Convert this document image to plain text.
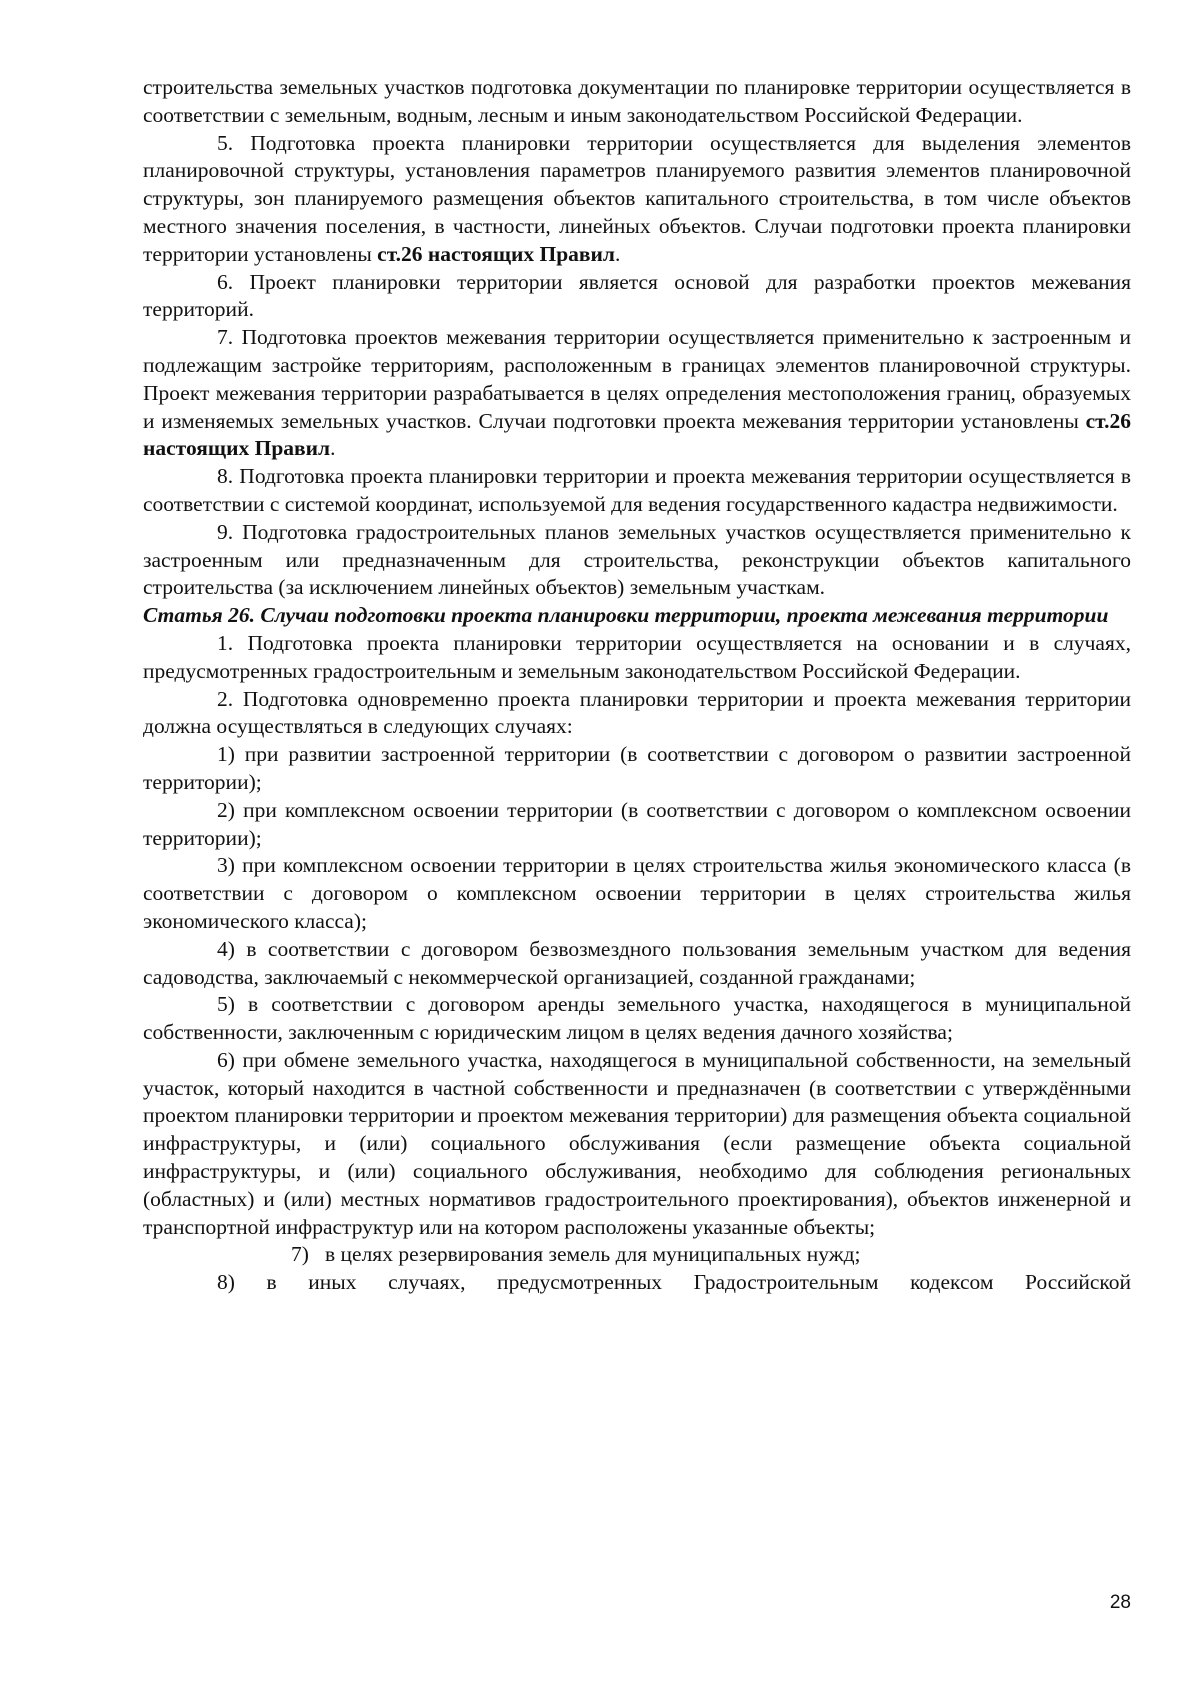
строительства земельных участков подготовка документации по планировке территории осуществляется в соответствии с земельным, водным, лесным и иным законодательством Российской Федерации.

5. Подготовка проекта планировки территории осуществляется для выделения элементов планировочной структуры, установления параметров планируемого развития элементов планировочной структуры, зон планируемого размещения объектов капитального строительства, в том числе объектов местного значения поселения, в частности, линейных объектов. Случаи подготовки проекта планировки территории установлены ст.26 настоящих Правил.

6. Проект планировки территории является основой для разработки проектов межевания территорий.

7. Подготовка проектов межевания территории осуществляется применительно к застроенным и подлежащим застройке территориям, расположенным в границах элементов планировочной структуры. Проект межевания территории разрабатывается в целях определения местоположения границ, образуемых и изменяемых земельных участков. Случаи подготовки проекта межевания территории установлены ст.26 настоящих Правил.

8. Подготовка проекта планировки территории и проекта межевания территории осуществляется в соответствии с системой координат, используемой для ведения государственного кадастра недвижимости.

9. Подготовка градостроительных планов земельных участков осуществляется применительно к застроенным или предназначенным для строительства, реконструкции объектов капитального строительства (за исключением линейных объектов) земельным участкам.

Статья 26. Случаи подготовки проекта планировки территории, проекта межевания территории

1. Подготовка проекта планировки территории осуществляется на основании и в случаях, предусмотренных градостроительным и земельным законодательством Российской Федерации.

2. Подготовка одновременно проекта планировки территории и проекта межевания территории должна осуществляться в следующих случаях:

1) при развитии застроенной территории (в соответствии с договором о развитии застроенной территории);

2) при комплексном освоении территории (в соответствии с договором о комплексном освоении территории);

3) при комплексном освоении территории в целях строительства жилья экономического класса (в соответствии с договором о комплексном освоении территории в целях строительства жилья экономического класса);

4) в соответствии с договором безвозмездного пользования земельным участком для ведения садоводства, заключаемый с некоммерческой организацией, созданной гражданами;

5) в соответствии с договором аренды земельного участка, находящегося в муниципальной собственности, заключенным с юридическим лицом в целях ведения дачного хозяйства;

6) при обмене земельного участка, находящегося в муниципальной собственности, на земельный участок, который находится в частной собственности и предназначен (в соответствии с утверждёнными проектом планировки территории и проектом межевания территории) для размещения объекта социальной инфраструктуры, и (или) социального обслуживания (если размещение объекта социальной инфраструктуры, и (или) социального обслуживания, необходимо для соблюдения региональных (областных) и (или) местных нормативов градостроительного проектирования), объектов инженерной и транспортной инфраструктур или на котором расположены указанные объекты;

7) в целях резервирования земель для муниципальных нужд;

8) в иных случаях, предусмотренных Градостроительным кодексом Российской

28
